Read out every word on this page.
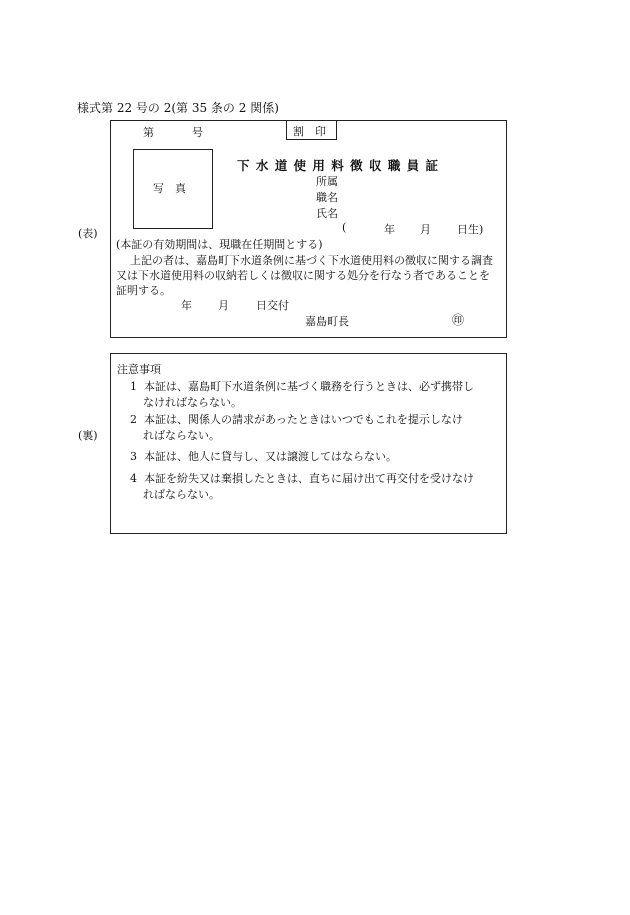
様式第 22 号の 2(第 35 条の 2 関係)
(表)
(裏)
第	号	割　印
写　真
下 水 道 使 用 料 徴 収 職 員 証
所属
職名
氏名
(	年 月 日生)
(本証の有効期間は、現職在任期間とする)
上記の者は、嘉島町下水道条例に基づく下水道使用料の徴収に関する調査
又は下水道使用料の収納若しくは徴収に関する処分を行なう者であることを
証明する。
年 月 日交付
嘉島町長	㊞
注意事項
1 本証は、嘉島町下水道条例に基づく職務を行うときは、必ず携帯し
なければならない。
2 本証は、関係人の請求があったときはいつでもこれを提示しなけ
ればならない。
3 本証は、他人に貸与し、又は譲渡してはならない。
4 本証を紛失又は棄損したときは、直ちに届け出て再交付を受けなけ
ればならない。
